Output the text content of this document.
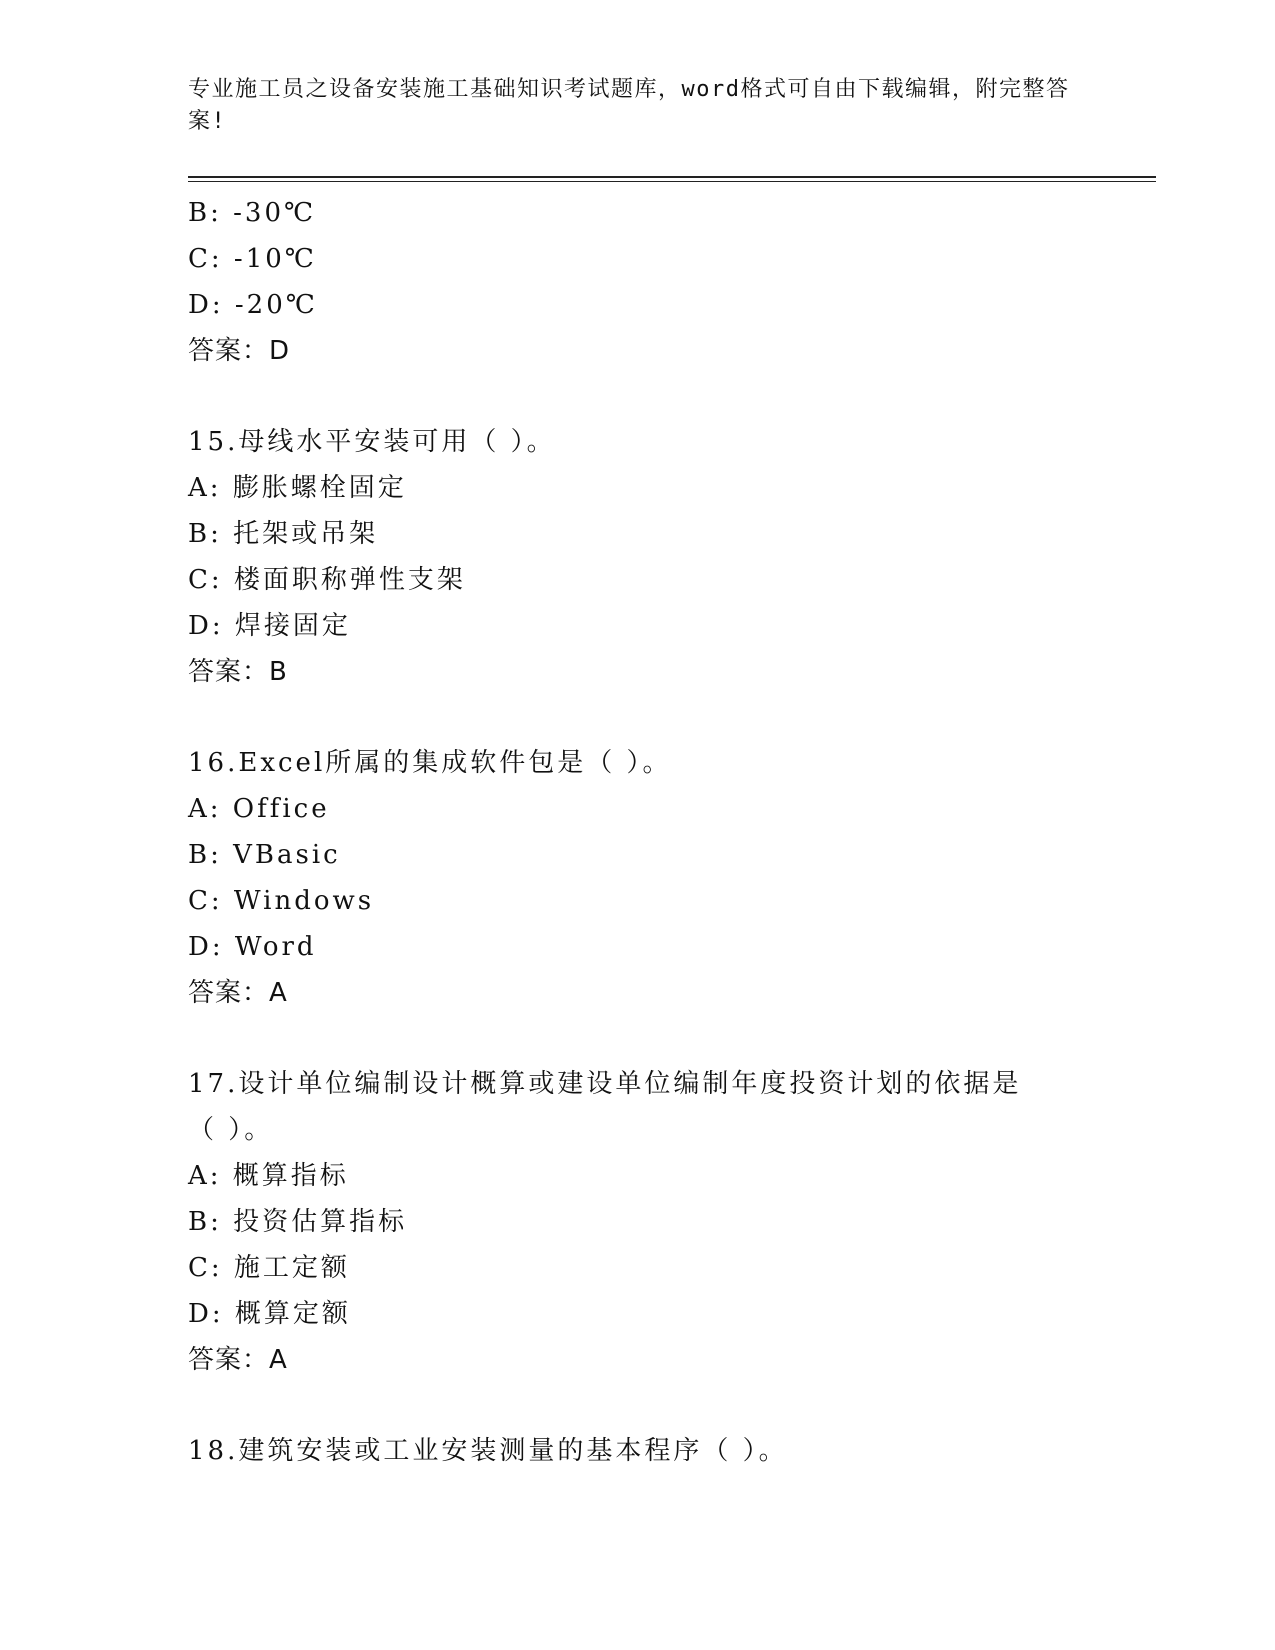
专业施工员之设备安装施工基础知识考试题库，word格式可自由下载编辑，附完整答案!
B: -30℃
C: -10℃
D: -20℃
答案：D
15.母线水平安装可用（ ）。
A: 膨胀螺栓固定
B: 托架或吊架
C: 楼面职称弹性支架
D: 焊接固定
答案：B
16.Excel所属的集成软件包是（ ）。
A: Office
B: VBasic
C: Windows
D: Word
答案：A
17.设计单位编制设计概算或建设单位编制年度投资计划的依据是（ ）。
A: 概算指标
B: 投资估算指标
C: 施工定额
D: 概算定额
答案：A
18.建筑安装或工业安装测量的基本程序（ ）。
